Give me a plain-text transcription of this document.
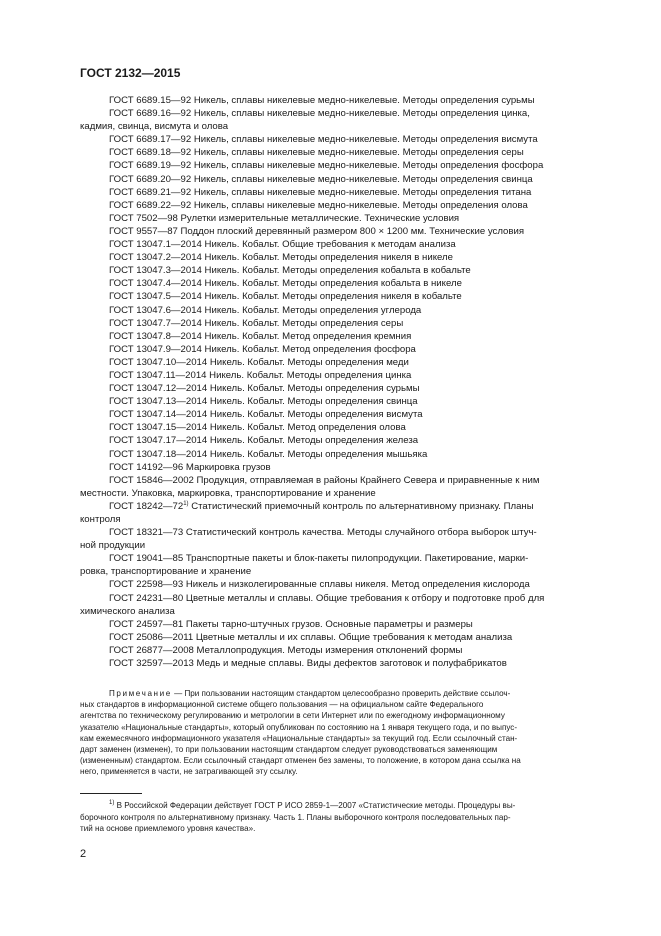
ГОСТ 2132—2015
ГОСТ 6689.15—92 Никель, сплавы никелевые медно-никелевые. Методы определения сурьмы
ГОСТ 6689.16—92 Никель, сплавы никелевые медно-никелевые. Методы определения цинка,
кадмия, свинца, висмута и олова
ГОСТ 6689.17—92 Никель, сплавы никелевые медно-никелевые. Методы определения висмута
ГОСТ 6689.18—92 Никель, сплавы никелевые медно-никелевые. Методы определения серы
ГОСТ 6689.19—92 Никель, сплавы никелевые медно-никелевые. Методы определения фосфора
ГОСТ 6689.20—92 Никель, сплавы никелевые медно-никелевые. Методы определения свинца
ГОСТ 6689.21—92 Никель, сплавы никелевые медно-никелевые. Методы определения титана
ГОСТ 6689.22—92 Никель, сплавы никелевые медно-никелевые. Методы определения олова
ГОСТ 7502—98 Рулетки измерительные металлические. Технические условия
ГОСТ 9557—87 Поддон плоский деревянный размером 800 × 1200 мм. Технические условия
ГОСТ 13047.1—2014 Никель. Кобальт. Общие требования к методам анализа
ГОСТ 13047.2—2014 Никель. Кобальт. Методы определения никеля в никеле
ГОСТ 13047.3—2014 Никель. Кобальт. Методы определения кобальта в кобальте
ГОСТ 13047.4—2014 Никель. Кобальт. Методы определения кобальта в никеле
ГОСТ 13047.5—2014 Никель. Кобальт. Методы определения никеля в кобальте
ГОСТ 13047.6—2014 Никель. Кобальт. Методы определения углерода
ГОСТ 13047.7—2014 Никель. Кобальт. Методы определения серы
ГОСТ 13047.8—2014 Никель. Кобальт. Метод определения кремния
ГОСТ 13047.9—2014 Никель. Кобальт. Метод определения фосфора
ГОСТ 13047.10—2014 Никель. Кобальт. Методы определения меди
ГОСТ 13047.11—2014 Никель. Кобальт. Методы определения цинка
ГОСТ 13047.12—2014 Никель. Кобальт. Методы определения сурьмы
ГОСТ 13047.13—2014 Никель. Кобальт. Методы определения свинца
ГОСТ 13047.14—2014 Никель. Кобальт. Методы определения висмута
ГОСТ 13047.15—2014 Никель. Кобальт. Метод определения олова
ГОСТ 13047.17—2014 Никель. Кобальт. Методы определения железа
ГОСТ 13047.18—2014 Никель. Кобальт. Методы определения мышьяка
ГОСТ 14192—96 Маркировка грузов
ГОСТ 15846—2002 Продукция, отправляемая в районы Крайнего Севера и приравненные к ним
местности. Упаковка, маркировка, транспортирование и хранение
ГОСТ 18242—72$^{1)}$ Статистический приемочный контроль по альтернативному признаку. Планы
контроля
ГОСТ 18321—73 Статистический контроль качества. Методы случайного отбора выборок штуч-
ной продукции
ГОСТ 19041—85 Транспортные пакеты и блок-пакеты пилопродукции. Пакетирование, марки-
ровка, транспортирование и хранение
ГОСТ 22598—93 Никель и низколегированные сплавы никеля. Метод определения кислорода
ГОСТ 24231—80 Цветные металлы и сплавы. Общие требования к отбору и подготовке проб для
химического анализа
ГОСТ 24597—81 Пакеты тарно-штучных грузов. Основные параметры и размеры
ГОСТ 25086—2011 Цветные металлы и их сплавы. Общие требования к методам анализа
ГОСТ 26877—2008 Металлопродукция. Методы измерения отклонений формы
ГОСТ 32597—2013 Медь и медные сплавы. Виды дефектов заготовок и полуфабрикатов
Примечание — При пользовании настоящим стандартом целесообразно проверить действие ссылоч-
ных стандартов в информационной системе общего пользования — на официальном сайте Федерального
агентства по техническому регулированию и метрологии в сети Интернет или по ежегодному информационному
указателю «Национальные стандарты», который опубликован по состоянию на 1 января текущего года, и по выпус-
кам ежемесячного информационного указателя «Национальные стандарты» за текущий год. Если ссылочный стан-
дарт заменен (изменен), то при пользовании настоящим стандартом следует руководствоваться заменяющим
(измененным) стандартом. Если ссылочный стандарт отменен без замены, то положение, в котором дана ссылка на
него, применяется в части, не затрагивающей эту ссылку.
$^{1)}$ В Российской Федерации действует ГОСТ Р ИСО 2859-1—2007 «Статистические методы. Процедуры вы-
борочного контроля по альтернативному признаку. Часть 1. Планы выборочного контроля последовательных пар-
тий на основе приемлемого уровня качества».
2
